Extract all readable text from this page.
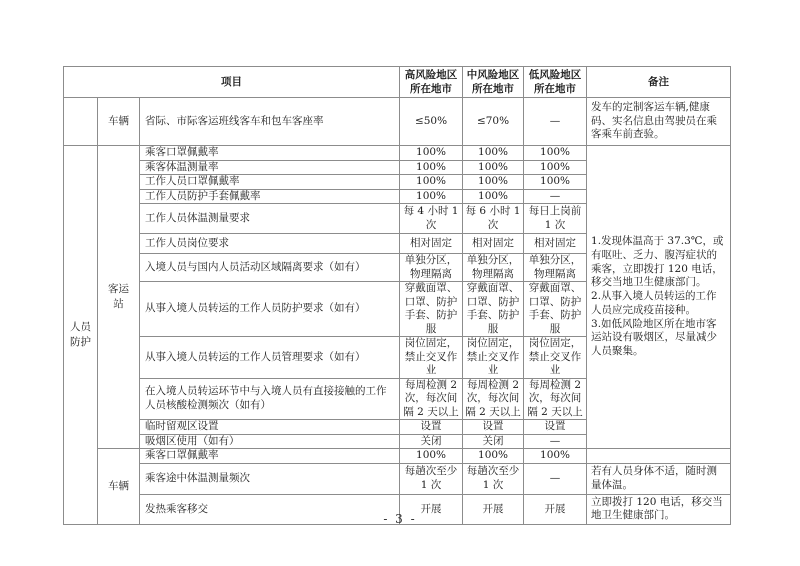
项目			高风险地区所在地市	中风险地区所在地市	低风险地区所在地市	备注
	车辆	省际、市际客运班线客车和包车客座率	≤50%	≤70%	—	发车的定制客运车辆,健康码、实名信息由驾驶员在乘客乘车前查验。
人员防护	客运站	乘客口罩佩戴率	100%	100%	100%	1.发现体温高于 37.3℃，或有呕吐、乏力、腹泻症状的乘客，立即拨打 120 电话，移交当地卫生健康部门。
2.从事入境人员转运的工作人员应完成疫苗接种。
3.如低风险地区所在地市客运站设有吸烟区，尽量减少人员聚集。

		乘客体温测量率	100%	100%	100%	
		工作人员口罩佩戴率	100%	100%	100%	
		工作人员防护手套佩戴率	100%	100%	—	
		工作人员体温测量要求	每 4 小时 1 次	每 6 小时 1 次	每日上岗前 1 次	
		工作人员岗位要求	相对固定	相对固定	相对固定	
		入境人员与国内人员活动区域隔离要求（如有）	单独分区，物理隔离	单独分区，物理隔离	单独分区，物理隔离	
		从事入境人员转运的工作人员防护要求（如有）	穿戴面罩、口罩、防护手套、防护服	穿戴面罩、口罩、防护手套、防护服	穿戴面罩、口罩、防护手套、防护服	
		从事入境人员转运的工作人员管理要求（如有）	岗位固定，禁止交叉作业	岗位固定，禁止交叉作业	岗位固定，禁止交叉作业	
		在入境人员转运环节中与入境人员有直接接触的工作人员核酸检测频次（如有）	每周检测 2 次，每次间隔 2 天以上	每周检测 2 次，每次间隔 2 天以上	每周检测 2 次，每次间隔 2 天以上	
		临时留观区设置	设置	设置	设置	
		吸烟区使用（如有）	关闭	关闭	—	
	车辆	乘客口罩佩戴率	100%	100%	100%	
		乘客途中体温测量频次	每趟次至少 1 次	每趟次至少 1 次	—	若有人员身体不适，随时测量体温。
		发热乘客移交	开展	开展	开展	立即拨打 120 电话，移交当地卫生健康部门。
- 3 -
